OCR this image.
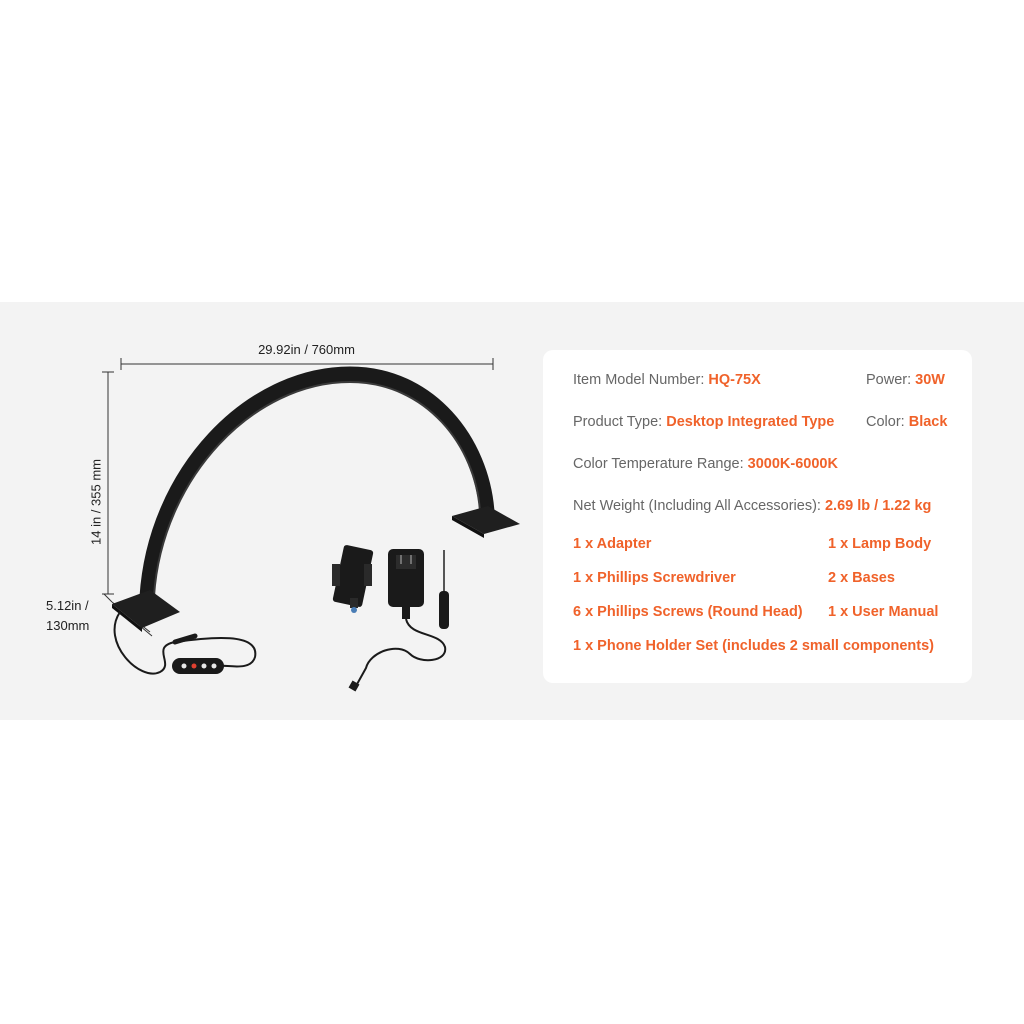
29.92in / 760mm
14 in / 355 mm
5.12in /
130mm
Item Model Number: HQ-75X	Power: 30W
Product Type: Desktop Integrated Type Color: Black
Color Temperature Range: 3000K-6000K
Net Weight (Including All Accessories): 2.69 lb / 1.22 kg
1 x Adapter	1 x Lamp Body
1 x Phillips Screwdriver	2 x Bases
6 x Phillips Screws (Round Head) 1 x User Manual
1 x Phone Holder Set (includes 2 small components)
